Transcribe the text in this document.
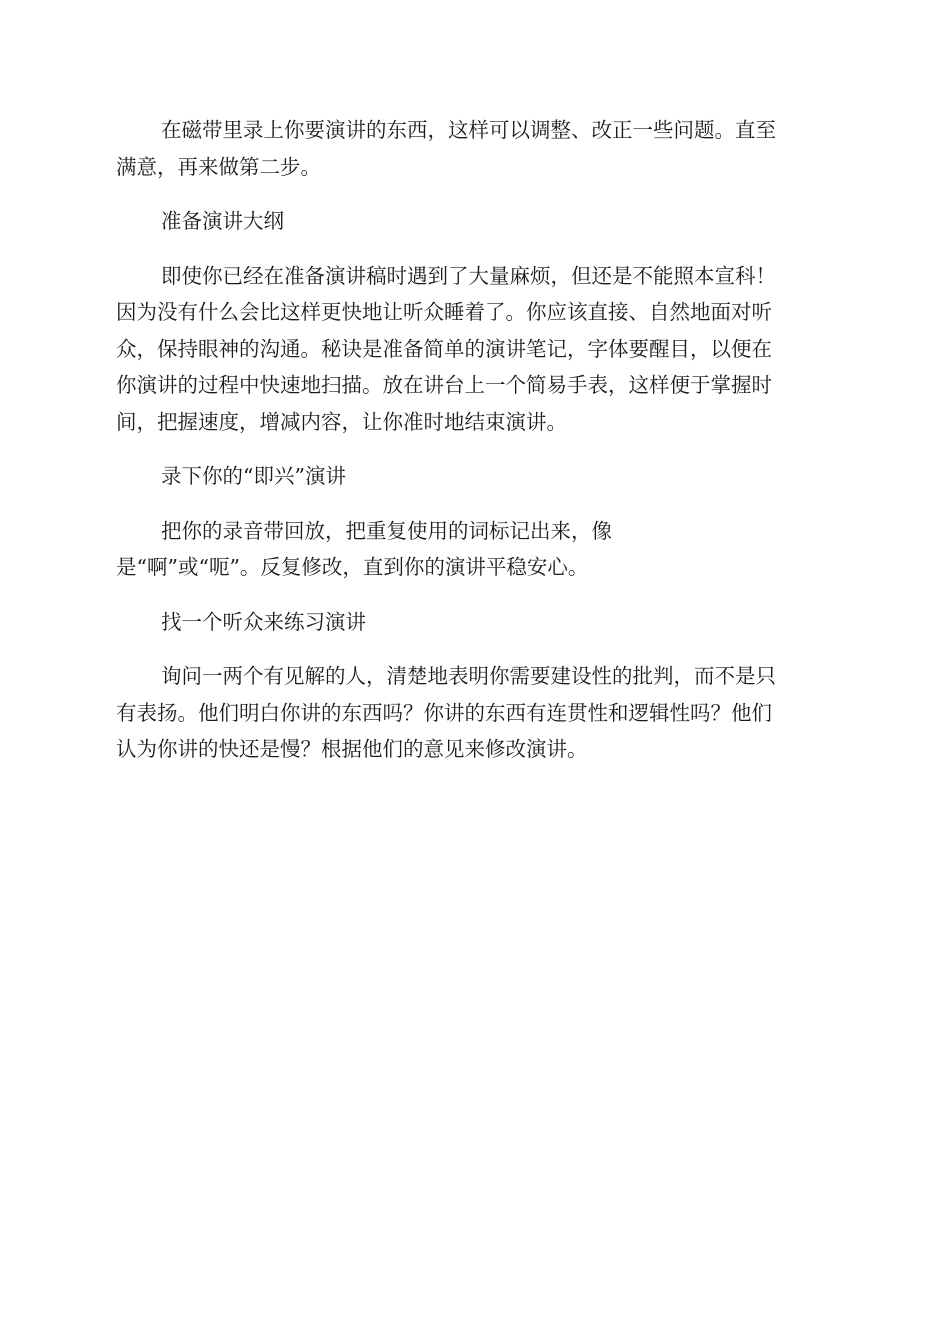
在磁带里录上你要演讲的东西，这样可以调整、改正一些问题。直至
满意，再来做第二步。
准备演讲大纲
即使你已经在准备演讲稿时遇到了大量麻烦，但还是不能照本宣科！
因为没有什么会比这样更快地让听众睡着了。你应该直接、自然地面对听
众，保持眼神的沟通。秘诀是准备简单的演讲笔记，字体要醒目，以便在
你演讲的过程中快速地扫描。放在讲台上一个简易手表，这样便于掌握时
间，把握速度，增减内容，让你准时地结束演讲。
录下你的“即兴”演讲
把你的录音带回放，把重复使用的词标记出来，像
是“啊”或“呃”。反复修改，直到你的演讲平稳安心。
找一个听众来练习演讲
询问一两个有见解的人，清楚地表明你需要建设性的批判，而不是只
有表扬。他们明白你讲的东西吗？你讲的东西有连贯性和逻辑性吗？他们
认为你讲的快还是慢？根据他们的意见来修改演讲。
